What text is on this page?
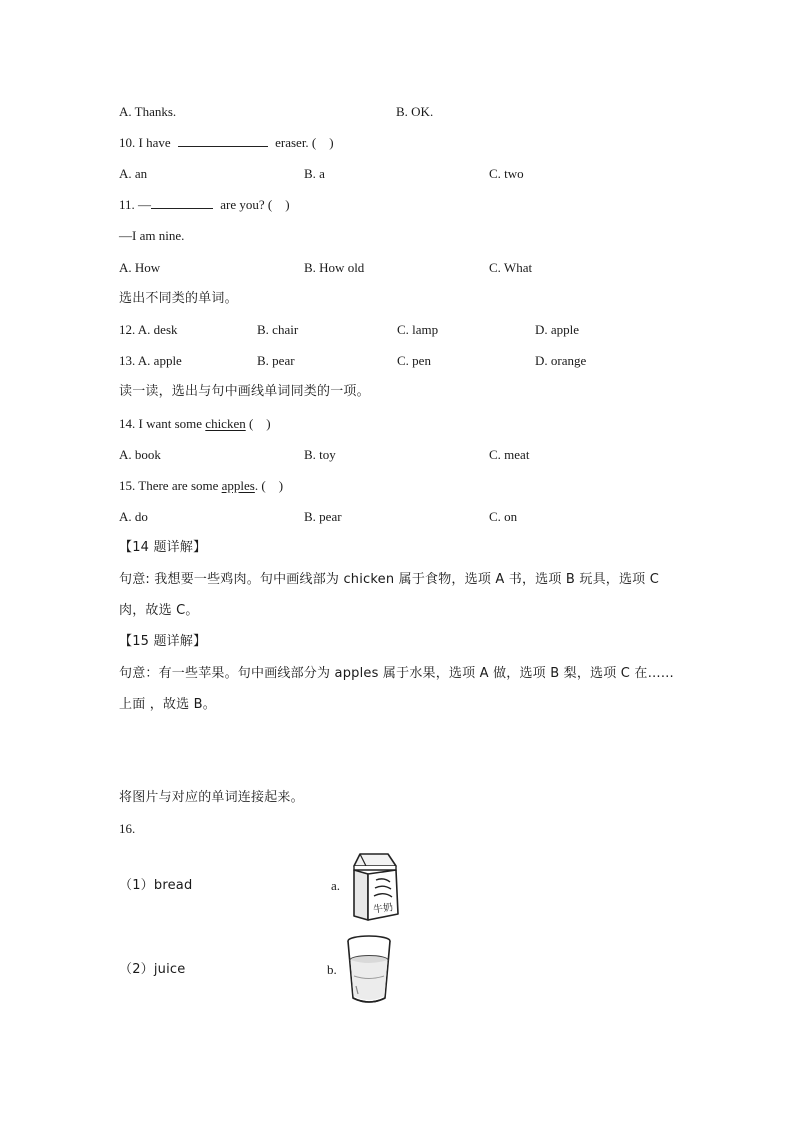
A. Thanks.	B. OK.
10. I have	eraser. (    )
A. an	B. a	C. two
11. —	are you? (    )
—I am nine.
A. How	B. How old	C. What
选出不同类的单词。
12. A. desk	B. chair	C. lamp	D. apple
13. A. apple	B. pear	C. pen	D. orange
读一读，选出与句中画线单词同类的一项。
14. I want some chicken (    )
A. book	B. toy	C. meat
15. There are some apples. (    )
A. do	B. pear	C. on
【14 题详解】
句意: 我想要一些鸡肉。句中画线部为 chicken 属于食物，选项 A 书，选项 B 玩具，选项 C 肉，故选 C。
【15 题详解】
句意：有一些苹果。句中画线部分为 apples 属于水果，选项 A 做，选项 B 梨，选项 C 在……上面 ，故选 B。
将图片与对应的单词连接起来。
16.
（1）bread	a.
牛奶
（2）juice	b.
